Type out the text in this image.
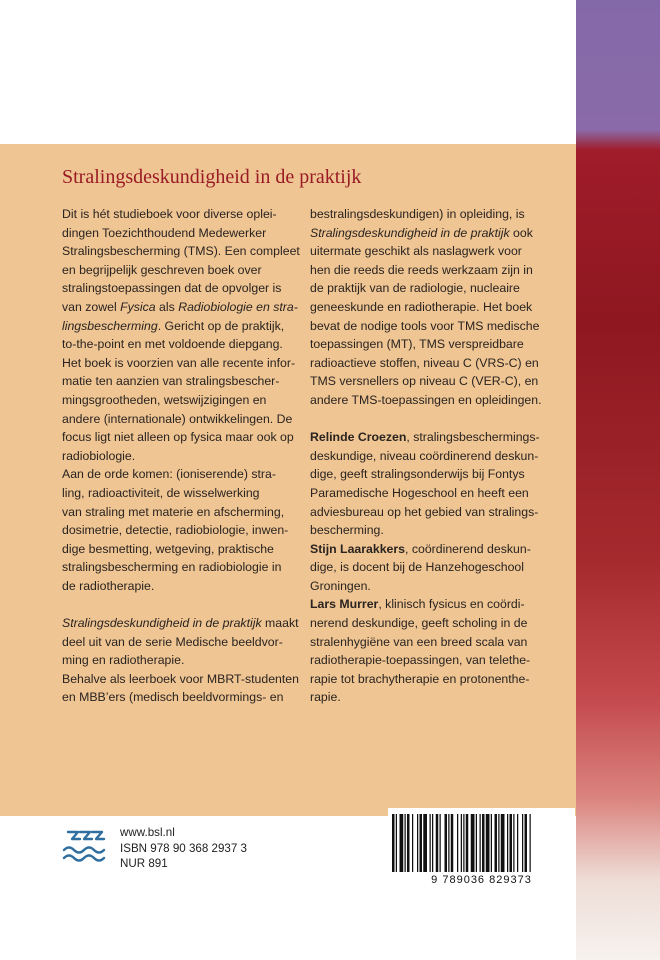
Stralingsdeskundigheid in de praktijk
Dit is hét studieboek voor diverse oplei-
dingen Toezichthoudend Medewerker
Stralingsbescherming (TMS). Een compleet
en begrijpelijk geschreven boek over
stralingstoepassingen dat de opvolger is
van zowel Fysica als Radiobiologie en stra-
lingsbescherming. Gericht op de praktijk,
to-the-point en met voldoende diepgang.
Het boek is voorzien van alle recente infor-
matie ten aanzien van stralingsbescher-
mingsgrootheden, wetswijzigingen en
andere (internationale) ontwikkelingen. De
focus ligt niet alleen op fysica maar ook op
radiobiologie.
Aan de orde komen: (ioniserende) stra-
ling, radioactiviteit, de wisselwerking
van straling met materie en afscherming,
dosimetrie, detectie, radiobiologie, inwen-
dige besmetting, wetgeving, praktische
stralingsbescherming en radiobiologie in
de radiotherapie.
Stralingsdeskundigheid in de praktijk maakt
deel uit van de serie Medische beeldvor-
ming en radiotherapie.
Behalve als leerboek voor MBRT-studenten
en MBB’ers (medisch beeldvormings- en
bestralingsdeskundigen) in opleiding, is
Stralingsdeskundigheid in de praktijk ook
uitermate geschikt als naslagwerk voor
hen die reeds die reeds werkzaam zijn in
de praktijk van de radiologie, nucleaire
geneeskunde en radiotherapie. Het boek
bevat de nodige tools voor TMS medische
toepassingen (MT), TMS verspreidbare
radioactieve stoffen, niveau C (VRS-C) en
TMS versnellers op niveau C (VER-C), en
andere TMS-toepassingen en opleidingen.
Relinde Croezen, stralingsbeschermings-
deskundige, niveau coördinerend deskun-
dige, geeft stralingsonderwijs bij Fontys
Paramedische Hogeschool en heeft een
adviesbureau op het gebied van stralings-
bescherming.
Stijn Laarakkers, coördinerend deskun-
dige, is docent bij de Hanzehogeschool
Groningen.
Lars Murrer, klinisch fysicus en coördi-
nerend deskundige, geeft scholing in de
stralenhygiëne van een breed scala van
radiotherapie-toepassingen, van telethe-
rapie tot brachytherapie en protonenthe-
rapie.
www.bsl.nl
ISBN 978 90 368 2937 3
NUR 891
9 789036 829373
